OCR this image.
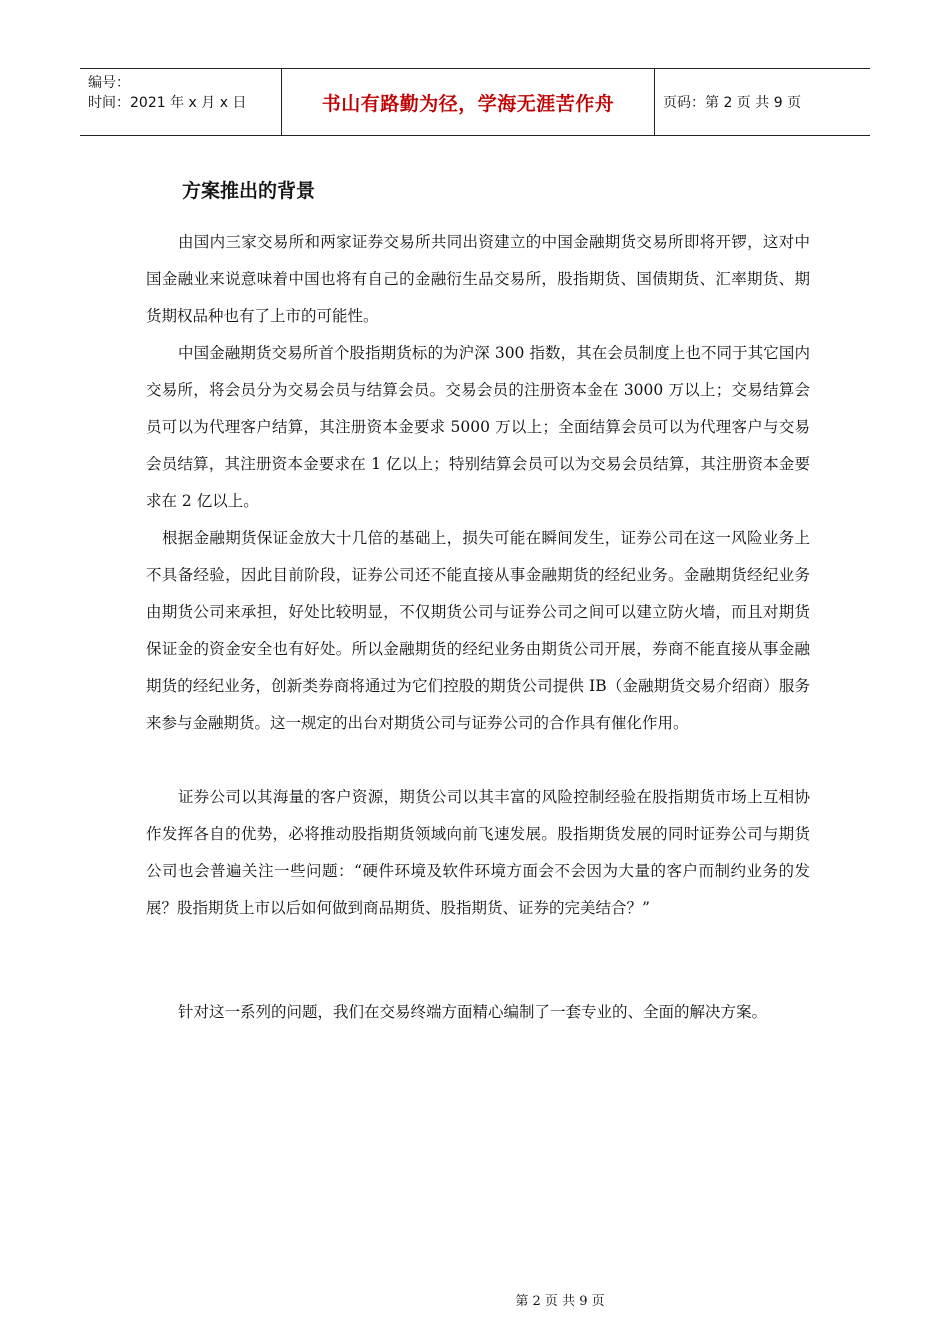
编号：
时间：2021 年 x 月 x 日	书山有路勤为径，学海无涯苦作舟	页码：第 2 页 共 9 页
方案推出的背景

由国内三家交易所和两家证券交易所共同出资建立的中国金融期货交易所即将开锣，这对中国金融业来说意味着中国也将有自己的金融衍生品交易所，股指期货、国债期货、汇率期货、期货期权品种也有了上市的可能性。

中国金融期货交易所首个股指期货标的为沪深 300 指数，其在会员制度上也不同于其它国内交易所，将会员分为交易会员与结算会员。交易会员的注册资本金在 3000 万以上；交易结算会员可以为代理客户结算，其注册资本金要求 5000 万以上；全面结算会员可以为代理客户与交易会员结算，其注册资本金要求在 1 亿以上；特别结算会员可以为交易会员结算，其注册资本金要求在 2 亿以上。

根据金融期货保证金放大十几倍的基础上，损失可能在瞬间发生，证券公司在这一风险业务上不具备经验，因此目前阶段，证券公司还不能直接从事金融期货的经纪业务。金融期货经纪业务由期货公司来承担，好处比较明显，不仅期货公司与证券公司之间可以建立防火墙，而且对期货保证金的资金安全也有好处。所以金融期货的经纪业务由期货公司开展，券商不能直接从事金融期货的经纪业务，创新类券商将通过为它们控股的期货公司提供 IB（金融期货交易介绍商）服务来参与金融期货。这一规定的出台对期货公司与证券公司的合作具有催化作用。

证券公司以其海量的客户资源，期货公司以其丰富的风险控制经验在股指期货市场上互相协作发挥各自的优势，必将推动股指期货领域向前飞速发展。股指期货发展的同时证券公司与期货公司也会普遍关注一些问题：“硬件环境及软件环境方面会不会因为大量的客户而制约业务的发展？股指期货上市以后如何做到商品期货、股指期货、证券的完美结合？”

针对这一系列的问题，我们在交易终端方面精心编制了一套专业的、全面的解决方案。

第 2 页 共 9 页
